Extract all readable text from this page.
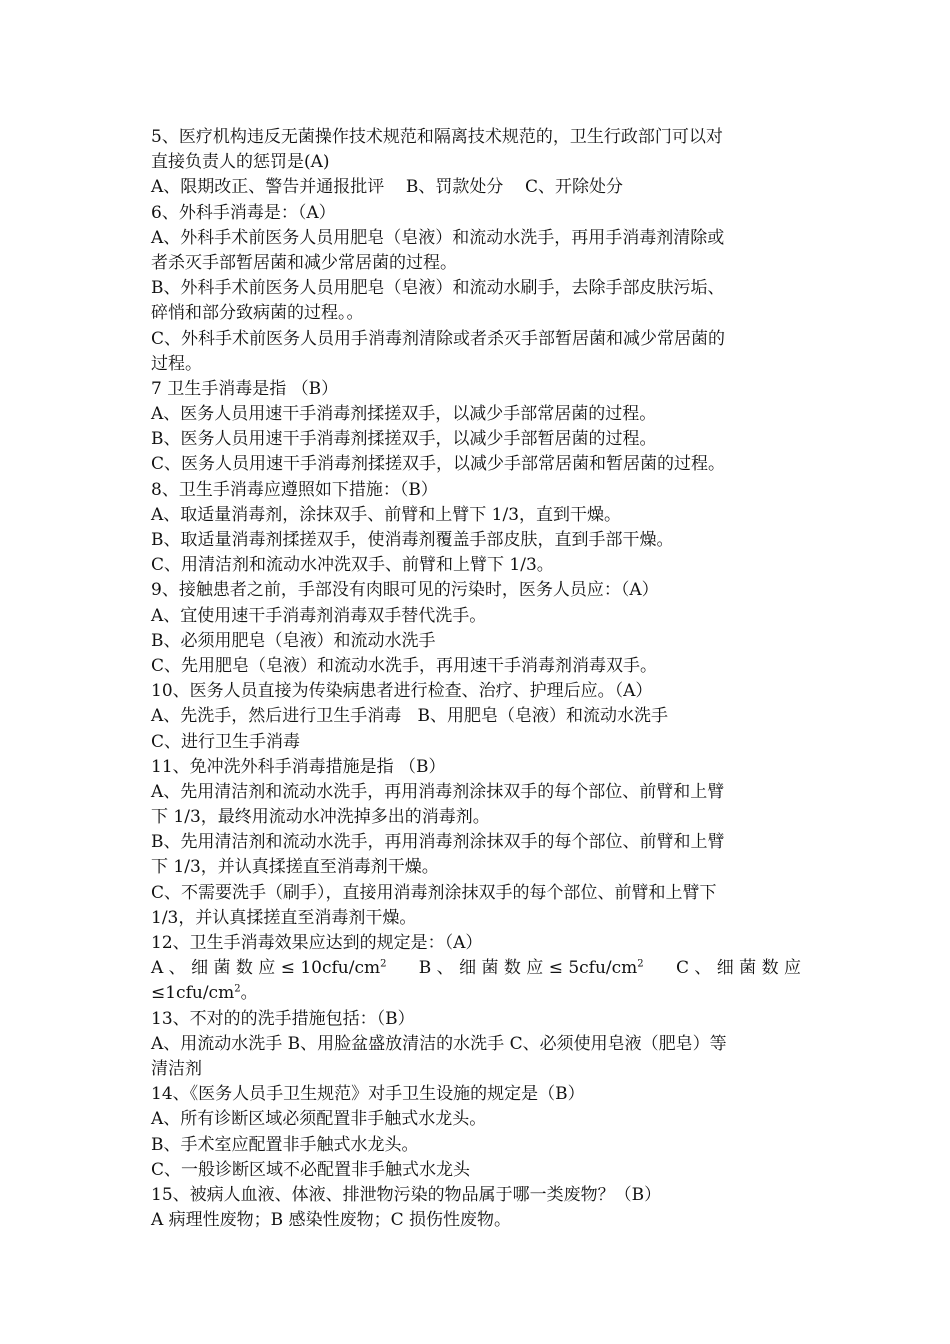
5、医疗机构违反无菌操作技术规范和隔离技术规范的，卫生行政部门可以对
直接负责人的惩罚是(A)
A、限期改正、警告并通报批评    B、罚款处分    C、开除处分
6、外科手消毒是：（A）
A、外科手术前医务人员用肥皂（皂液）和流动水洗手，再用手消毒剂清除或
者杀灭手部暂居菌和减少常居菌的过程。
B、外科手术前医务人员用肥皂（皂液）和流动水刷手，去除手部皮肤污垢、
碎悄和部分致病菌的过程。。
C、外科手术前医务人员用手消毒剂清除或者杀灭手部暂居菌和减少常居菌的
过程。
7 卫生手消毒是指 （B）
A、医务人员用速干手消毒剂揉搓双手，以减少手部常居菌的过程。
B、医务人员用速干手消毒剂揉搓双手，以减少手部暂居菌的过程。
C、医务人员用速干手消毒剂揉搓双手，以减少手部常居菌和暂居菌的过程。
8、卫生手消毒应遵照如下措施：（B）
A、取适量消毒剂，涂抹双手、前臂和上臂下 1/3，直到干燥。
B、取适量消毒剂揉搓双手，使消毒剂覆盖手部皮肤，直到手部干燥。
C、用清洁剂和流动水冲洗双手、前臂和上臂下 1/3。
9、接触患者之前，手部没有肉眼可见的污染时，医务人员应：（A）
A、宜使用速干手消毒剂消毒双手替代洗手。
B、必须用肥皂（皂液）和流动水洗手
C、先用肥皂（皂液）和流动水洗手，再用速干手消毒剂消毒双手。
10、医务人员直接为传染病患者进行检查、治疗、护理后应。（A）
A、先洗手，然后进行卫生手消毒   B、用肥皂（皂液）和流动水洗手
C、进行卫生手消毒
11、免冲洗外科手消毒措施是指 （B）
A、先用清洁剂和流动水洗手，再用消毒剂涂抹双手的每个部位、前臂和上臂
下 1/3，最终用流动水冲洗掉多出的消毒剂。
B、先用清洁剂和流动水洗手，再用消毒剂涂抹双手的每个部位、前臂和上臂
下 1/3，并认真揉搓直至消毒剂干燥。
C、不需要洗手（刷手），直接用消毒剂涂抹双手的每个部位、前臂和上臂下
1/3，并认真揉搓直至消毒剂干燥。
12、卫生手消毒效果应达到的规定是：（A）
A 、 细 菌 数 应 ≤ $10cfu/cm^2$ B 、 细 菌 数 应 ≤ $5cfu/cm^2$ C 、 细 菌 数 应
$\le 1cfu/cm^2$。
13、不对的的洗手措施包括：（B）
A、用流动水洗手 B、用脸盆盛放清洁的水洗手 C、必须使用皂液（肥皂）等
清洁剂
14、《医务人员手卫生规范》对手卫生设施的规定是（B）
A、所有诊断区域必须配置非手触式水龙头。
B、手术室应配置非手触式水龙头。
C、一般诊断区域不必配置非手触式水龙头
15、被病人血液、体液、排泄物污染的物品属于哪一类废物？（B）
A 病理性废物；B 感染性废物；C 损伤性废物。
